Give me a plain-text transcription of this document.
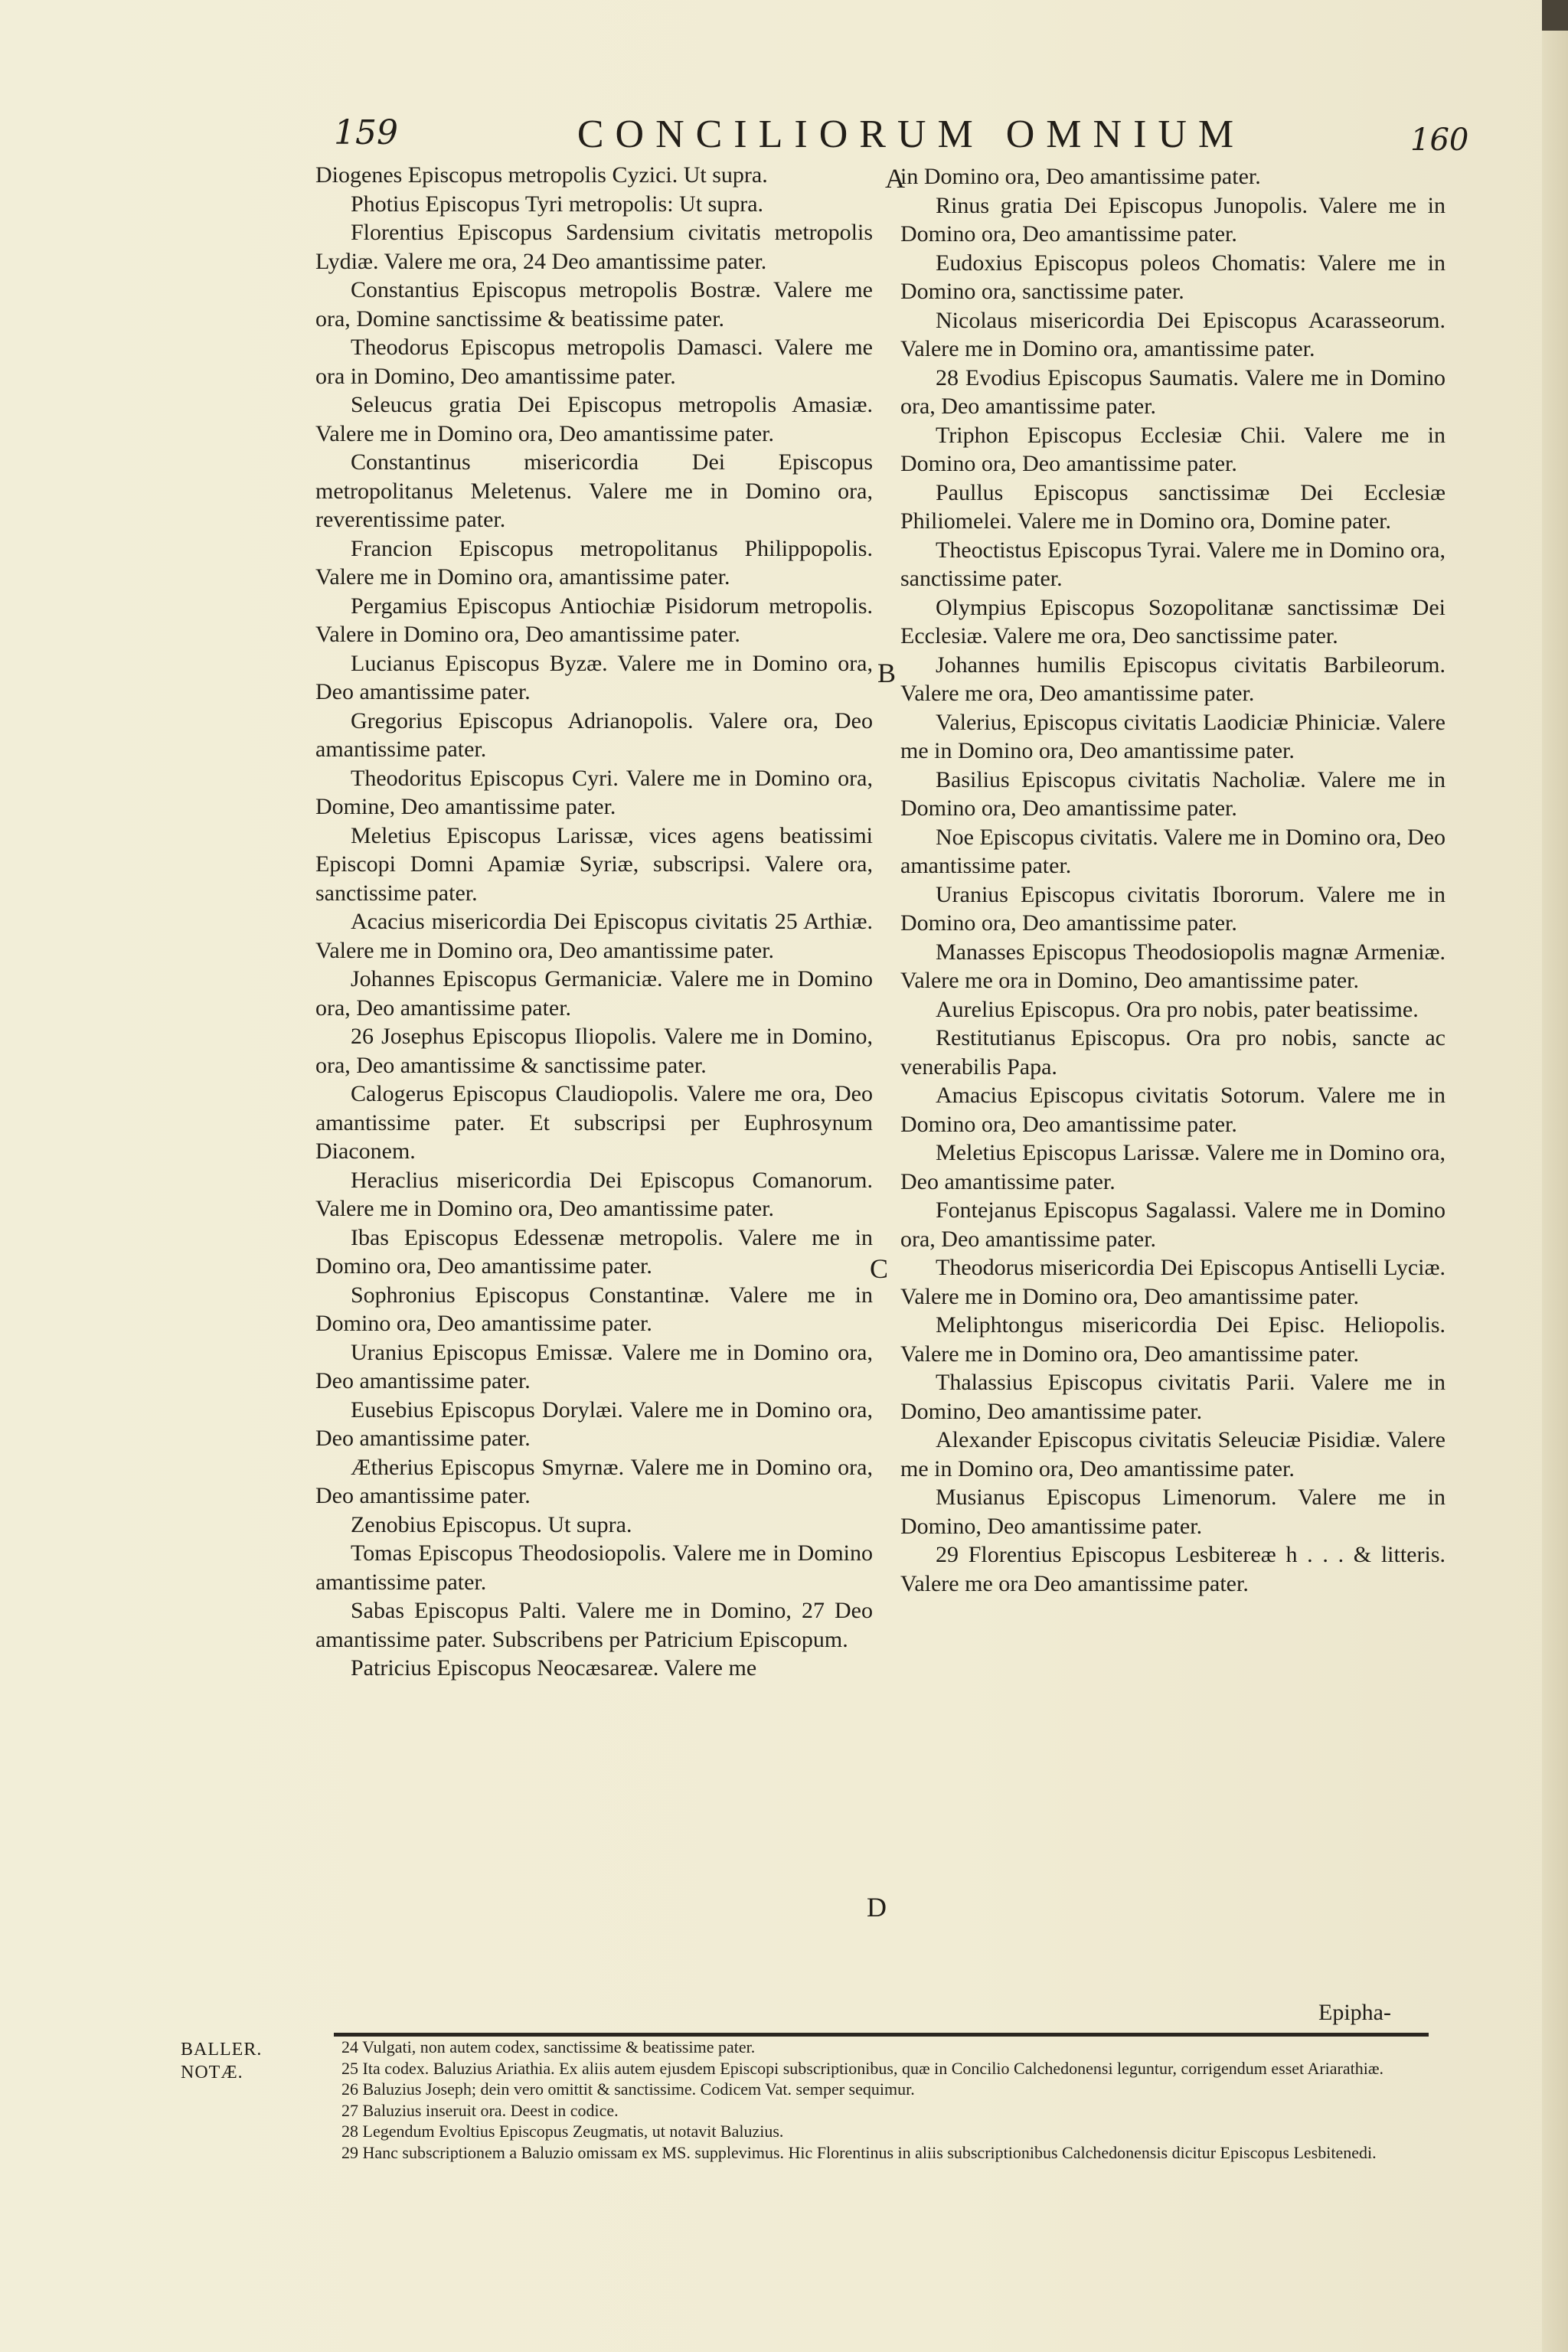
159	CONCILIORUM OMNIUM	160

Diogenes Episcopus metropolis Cyzici. Ut supra.

Photius Episcopus Tyri metropolis: Ut supra.

Florentius Episcopus Sardensium civitatis metropolis Lydiæ. Valere me ora, 24 Deo amantissime pater.

Constantius Episcopus metropolis Bostræ. Valere me ora, Domine sanctissime & beatissime pater.

Theodorus Episcopus metropolis Damasci. Valere me ora in Domino, Deo amantissime pater.

Seleucus gratia Dei Episcopus metropolis Amasiæ. Valere me in Domino ora, Deo amantissime pater.

Constantinus misericordia Dei Episcopus metropolitanus Meletenus. Valere me in Domino ora, reverentissime pater.

Francion Episcopus metropolitanus Philippopolis. Valere me in Domino ora, amantissime pater.

Pergamius Episcopus Antiochiæ Pisidorum metropolis. Valere in Domino ora, Deo amantissime pater.

Lucianus Episcopus Byzæ. Valere me in Domino ora, Deo amantissime pater.

Gregorius Episcopus Adrianopolis. Valere ora, Deo amantissime pater.

Theodoritus Episcopus Cyri. Valere me in Domino ora, Domine, Deo amantissime pater.

Meletius Episcopus Larissæ, vices agens beatissimi Episcopi Domni Apamiæ Syriæ, subscripsi. Valere ora, sanctissime pater.

Acacius misericordia Dei Episcopus civitatis 25 Arthiæ. Valere me in Domino ora, Deo amantissime pater.

Johannes Episcopus Germaniciæ. Valere me in Domino ora, Deo amantissime pater.

26 Josephus Episcopus Iliopolis. Valere me in Domino, ora, Deo amantissime & sanctissime pater.

Calogerus Episcopus Claudiopolis. Valere me ora, Deo amantissime pater. Et subscripsi per Euphrosynum Diaconem.

Heraclius misericordia Dei Episcopus Comanorum. Valere me in Domino ora, Deo amantissime pater.

Ibas Episcopus Edessenæ metropolis. Valere me in Domino ora, Deo amantissime pater.

Sophronius Episcopus Constantinæ. Valere me in Domino ora, Deo amantissime pater.

Uranius Episcopus Emissæ. Valere me in Domino ora, Deo amantissime pater.

Eusebius Episcopus Dorylæi. Valere me in Domino ora, Deo amantissime pater.

Ætherius Episcopus Smyrnæ. Valere me in Domino ora, Deo amantissime pater.

Zenobius Episcopus. Ut supra.

Tomas Episcopus Theodosiopolis. Valere me in Domino amantissime pater.

Sabas Episcopus Palti. Valere me in Domino, 27 Deo amantissime pater. Subscribens per Patricium Episcopum.

Patricius Episcopus Neocæsareæ. Valere me

in Domino ora, Deo amantissime pater.

Rinus gratia Dei Episcopus Junopolis. Valere me in Domino ora, Deo amantissime pater.

Eudoxius Episcopus poleos Chomatis: Valere me in Domino ora, sanctissime pater.

Nicolaus misericordia Dei Episcopus Acarasseorum. Valere me in Domino ora, amantissime pater.

28 Evodius Episcopus Saumatis. Valere me in Domino ora, Deo amantissime pater.

Triphon Episcopus Ecclesiæ Chii. Valere me in Domino ora, Deo amantissime pater.

Paullus Episcopus sanctissimæ Dei Ecclesiæ Philiomelei. Valere me in Domino ora, Domine pater.

Theoctistus Episcopus Tyrai. Valere me in Domino ora, sanctissime pater.

Olympius Episcopus Sozopolitanæ sanctissimæ Dei Ecclesiæ. Valere me ora, Deo sanctissime pater.

Johannes humilis Episcopus civitatis Barbileorum. Valere me ora, Deo amantissime pater.

Valerius, Episcopus civitatis Laodiciæ Phiniciæ. Valere me in Domino ora, Deo amantissime pater.

Basilius Episcopus civitatis Nacholiæ. Valere me in Domino ora, Deo amantissime pater.

Noe Episcopus civitatis. Valere me in Domino ora, Deo amantissime pater.

Uranius Episcopus civitatis Ibororum. Valere me in Domino ora, Deo amantissime pater.

Manasses Episcopus Theodosiopolis magnæ Armeniæ. Valere me ora in Domino, Deo amantissime pater.

Aurelius Episcopus. Ora pro nobis, pater beatissime.

Restitutianus Episcopus. Ora pro nobis, sancte ac venerabilis Papa.

Amacius Episcopus civitatis Sotorum. Valere me in Domino ora, Deo amantissime pater.

Meletius Episcopus Larissæ. Valere me in Domino ora, Deo amantissime pater.

Fontejanus Episcopus Sagalassi. Valere me in Domino ora, Deo amantissime pater.

Theodorus misericordia Dei Episcopus Antiselli Lyciæ. Valere me in Domino ora, Deo amantissime pater.

Meliphtongus misericordia Dei Episc. Heliopolis. Valere me in Domino ora, Deo amantissime pater.

Thalassius Episcopus civitatis Parii. Valere me in Domino, Deo amantissime pater.

Alexander Episcopus civitatis Seleuciæ Pisidiæ. Valere me in Domino ora, Deo amantissime pater.

Musianus Episcopus Limenorum. Valere me in Domino, Deo amantissime pater.

29 Florentius Episcopus Lesbitereæ h . . . & litteris. Valere me ora Deo amantissime pater.

A
B
C
D
Epipha-
BALLER. NOTÆ.

24 Vulgati, non autem codex, sanctissime & beatissime pater.

25 Ita codex. Baluzius Ariathia. Ex aliis autem ejusdem Episcopi subscriptionibus, quæ in Concilio Calchedonensi leguntur, corrigendum esset Ariarathiæ.

26 Baluzius Joseph; dein vero omittit & sanctissime. Codicem Vat. semper sequimur.

27 Baluzius inseruit ora. Deest in codice.

28 Legendum Evoltius Episcopus Zeugmatis, ut notavit Baluzius.

29 Hanc subscriptionem a Baluzio omissam ex MS. supplevimus. Hic Florentinus in aliis subscriptionibus Calchedonensis dicitur Episcopus Lesbitenedi.
